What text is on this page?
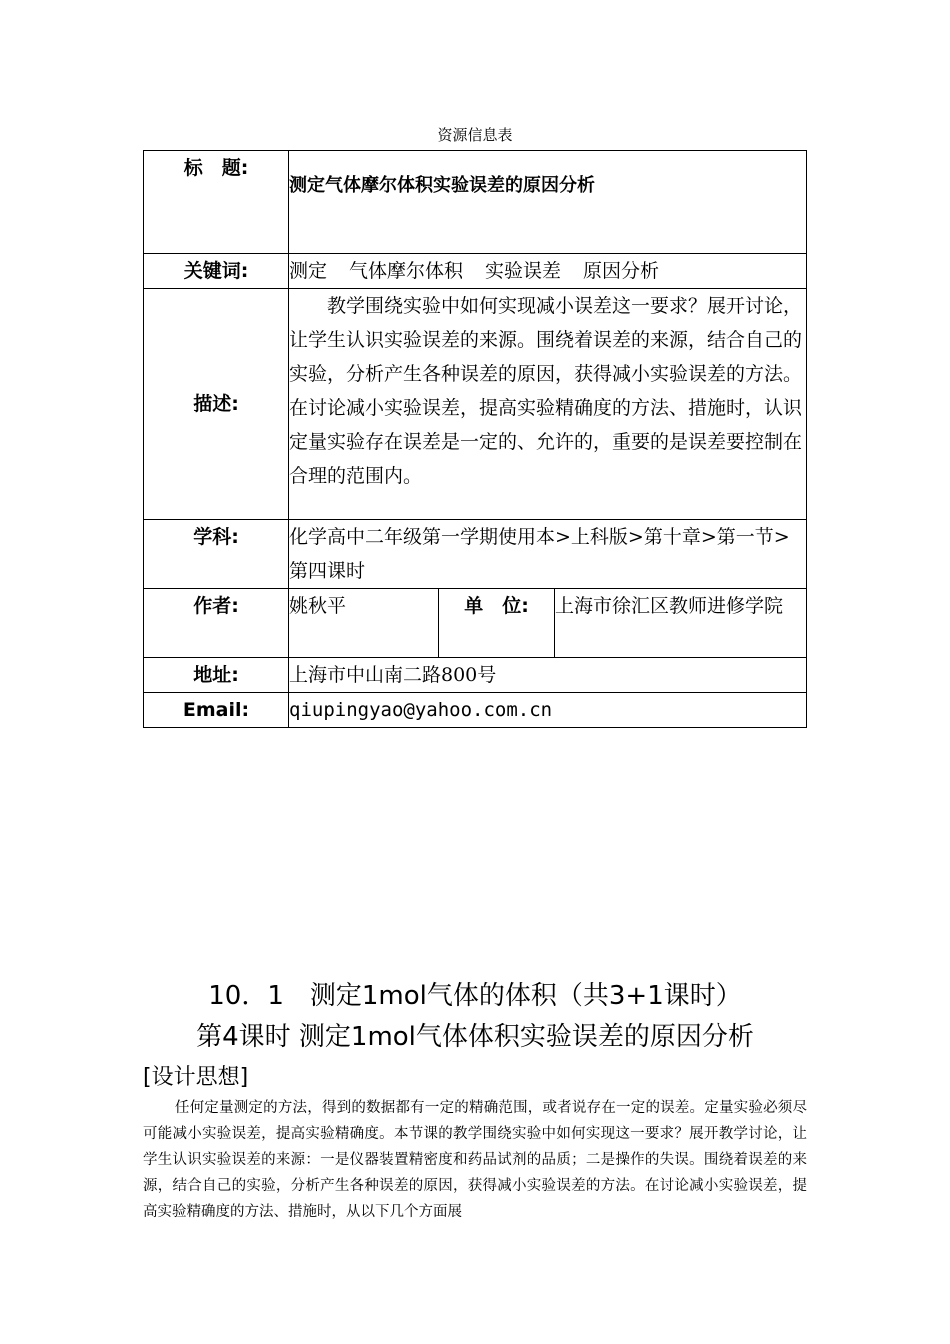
资源信息表
标　题:	测定气体摩尔体积实验误差的原因分析		
关键词:	测定 气体摩尔体积 实验误差 原因分析		
描述:	教学围绕实验中如何实现减小误差这一要求？展开讨论，让学生认识实验误差的来源。围绕着误差的来源，结合自己的实验，分析产生各种误差的原因，获得减小实验误差的方法。在讨论减小实验误差，提高实验精确度的方法、措施时，认识定量实验存在误差是一定的、允许的，重要的是误差要控制在合理的范围内。		
学科:	化学高中二年级第一学期使用本>上科版>第十章>第一节>第四课时		
作者:	姚秋平	单　位:	上海市徐汇区教师进修学院
地址:	上海市中山南二路800号		
Email:	qiupingyao@yahoo.com.cn		
10．1　测定1mol气体的体积（共3+1课时）
第4课时 测定1mol气体体积实验误差的原因分析
[设计思想]
任何定量测定的方法，得到的数据都有一定的精确范围，或者说存在一定的误差。定量实验必须尽可能减小实验误差，提高实验精确度。本节课的教学围绕实验中如何实现这一要求？展开教学讨论，让学生认识实验误差的来源：一是仪器装置精密度和药品试剂的品质；二是操作的失误。围绕着误差的来源，结合自己的实验，分析产生各种误差的原因，获得减小实验误差的方法。在讨论减小实验误差，提高实验精确度的方法、措施时，从以下几个方面展
